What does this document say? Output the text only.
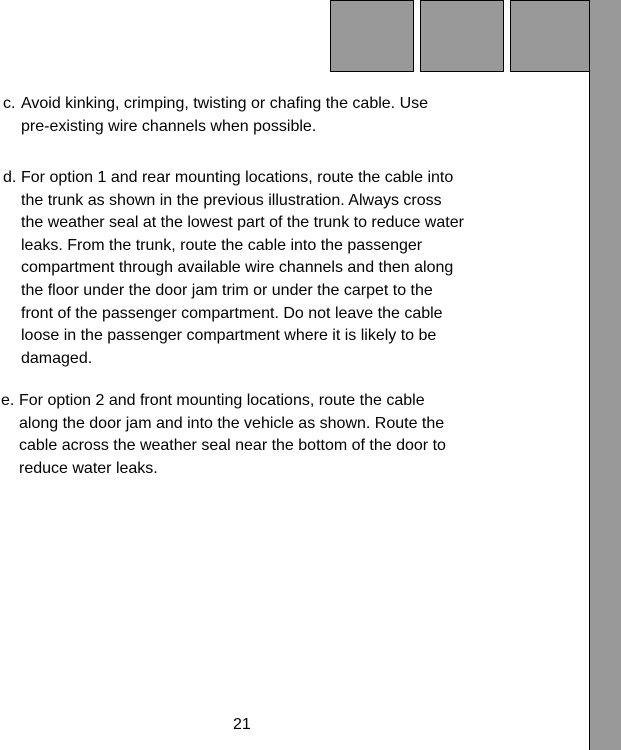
c. Avoid kinking, crimping, twisting or chafing the cable. Use
pre-existing wire channels when possible.
d. For option 1 and rear mounting locations, route the cable into
the trunk as shown in the previous illustration. Always cross
the weather seal at the lowest part of the trunk to reduce water
leaks. From the trunk, route the cable into the passenger
compartment through available wire channels and then along
the floor under the door jam trim or under the carpet to the
front of the passenger compartment. Do not leave the cable
loose in the passenger compartment where it is likely to be
damaged.
e. For option 2 and front mounting locations, route the cable
along the door jam and into the vehicle as shown. Route the
cable across the weather seal near the bottom of the door to
reduce water leaks.
21
